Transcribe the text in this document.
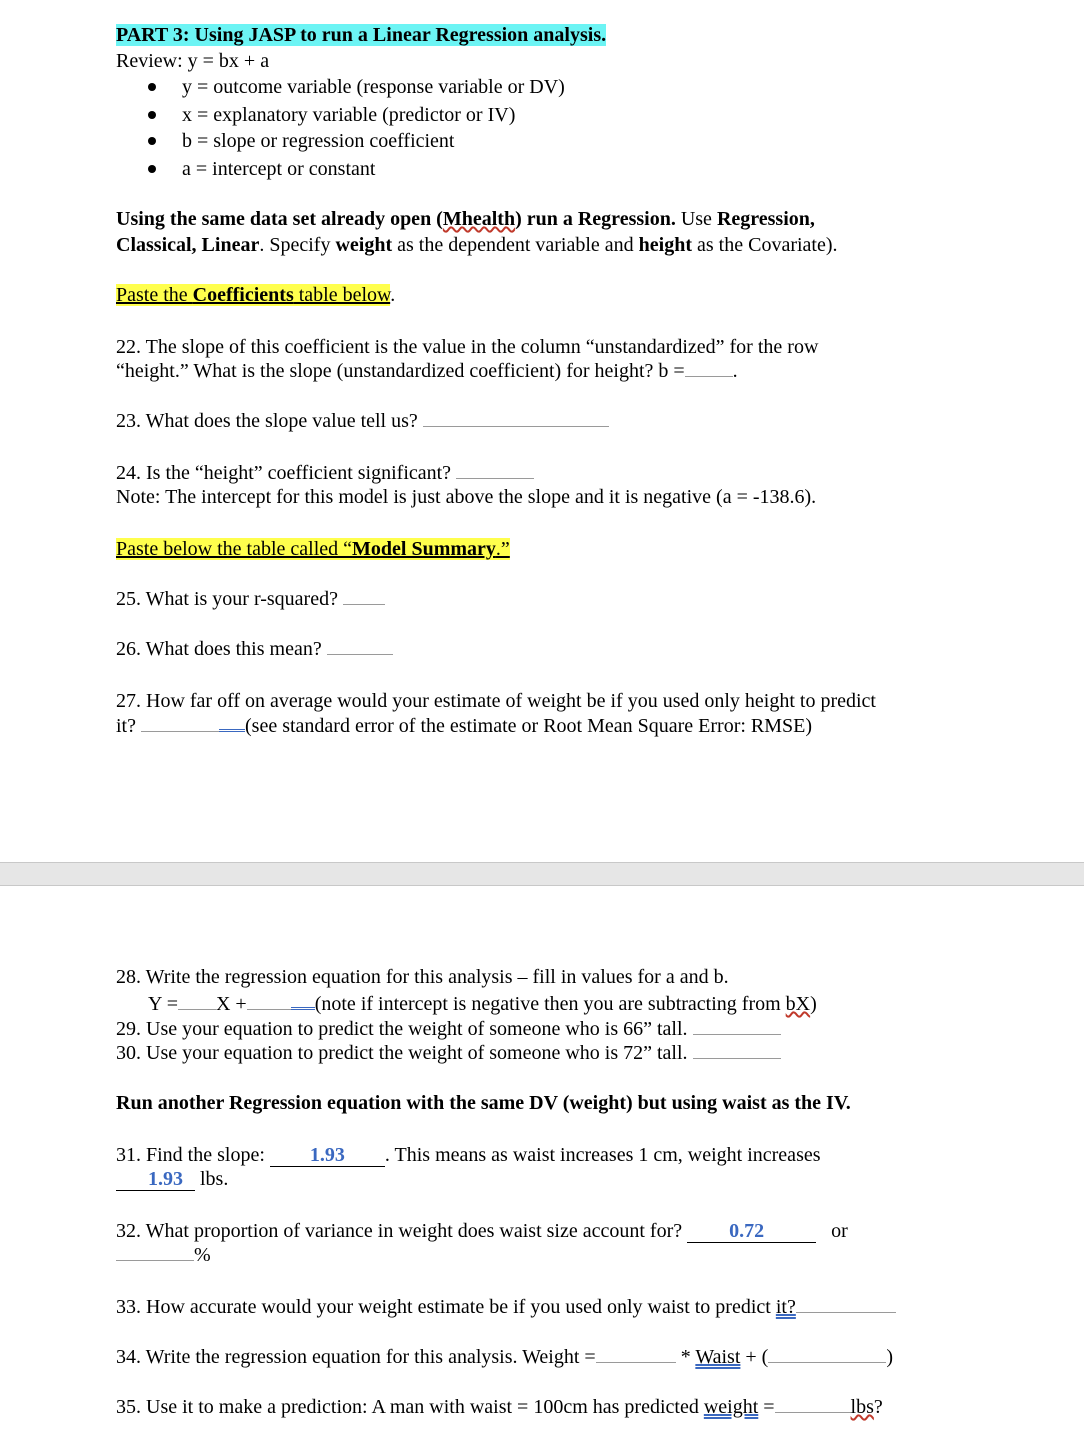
PART 3: Using JASP to run a Linear Regression analysis.
Review: y = bx + a
y = outcome variable (response variable or DV)
x = explanatory variable (predictor or IV)
b = slope or regression coefficient
a = intercept or constant
Using the same data set already open (Mhealth) run a Regression. Use Regression,
Classical, Linear. Specify weight as the dependent variable and height as the Covariate).
Paste the Coefficients table below.
22. The slope of this coefficient is the value in the column “unstandardized” for the row
“height.” What is the slope (unstandardized coefficient) for height? b = .
23. What does the slope value tell us?
24. Is the “height” coefficient significant?
Note: The intercept for this model is just above the slope and it is negative (a = -138.6).
Paste below the table called “Model Summary.”
25. What is your r-squared?
26. What does this mean?
27. How far off on average would your estimate of weight be if you used only height to predict
it?	(see standard error of the estimate or Root Mean Square Error: RMSE)
28. Write the regression equation for this analysis – fill in values for a and b.
Y = X +	(note if intercept is negative then you are subtracting from bX)
29. Use your equation to predict the weight of someone who is 66” tall.
30. Use your equation to predict the weight of someone who is 72” tall.
Run another Regression equation with the same DV (weight) but using waist as the IV.
31. Find the slope: 1.93 . This means as waist increases 1 cm, weight increases
1.93 lbs.
32. What proportion of variance in weight does waist size account for? 0.72	or
%
33. How accurate would your weight estimate be if you used only waist to predict it?
34. Write the regression equation for this analysis. Weight =	* Waist + (	)
35. Use it to make a prediction: A man with waist = 100cm has predicted weight =	lbs?
